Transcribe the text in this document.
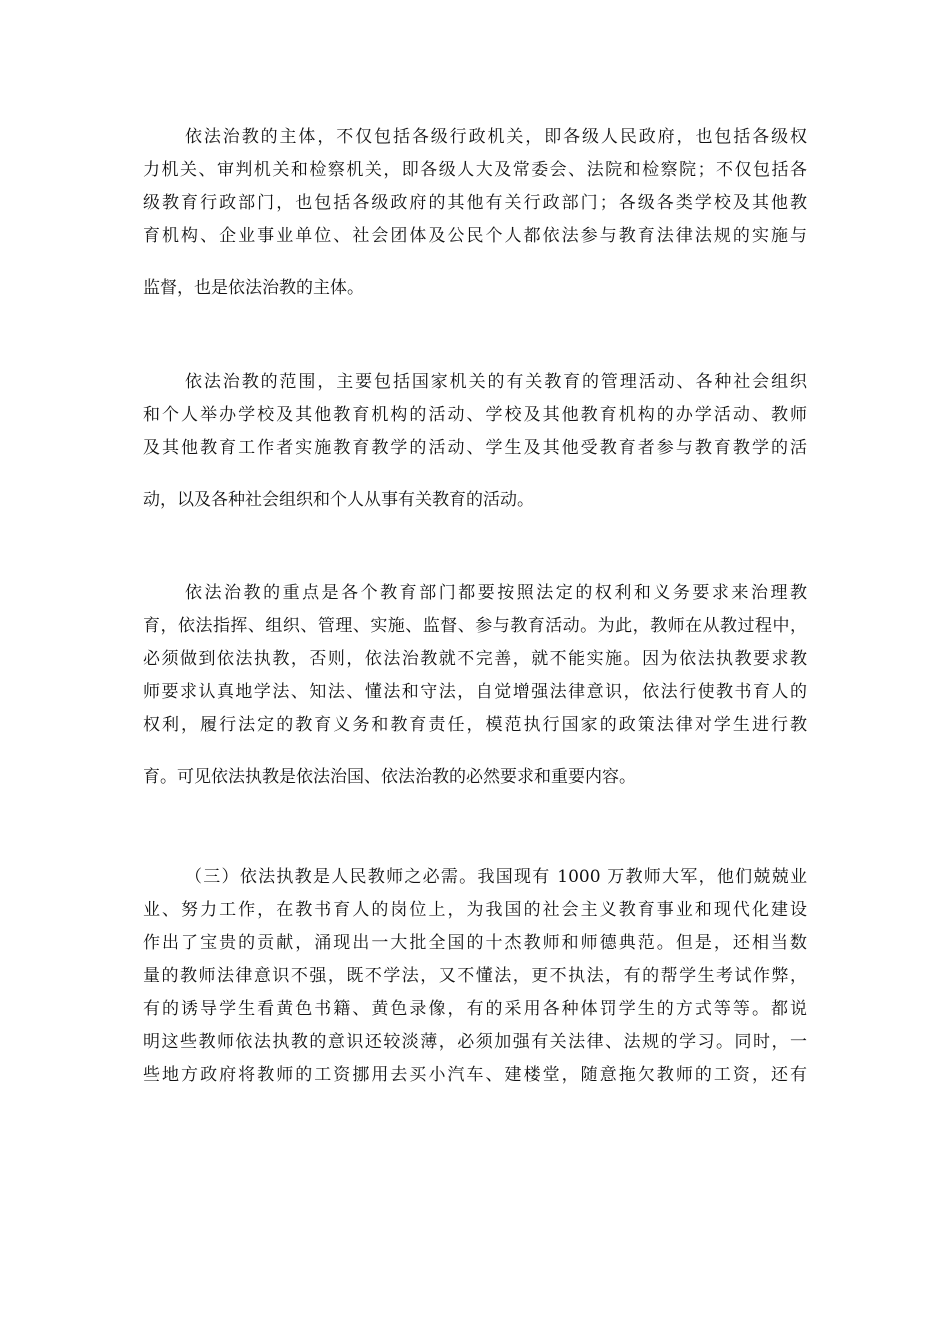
依法治教的主体，不仅包括各级行政机关，即各级人民政府，也包括各级权
力机关、审判机关和检察机关，即各级人大及常委会、法院和检察院；不仅包括各
级教育行政部门，也包括各级政府的其他有关行政部门；各级各类学校及其他教
育机构、企业事业单位、社会团体及公民个人都依法参与教育法律法规的实施与
监督，也是依法治教的主体。
依法治教的范围，主要包括国家机关的有关教育的管理活动、各种社会组织
和个人举办学校及其他教育机构的活动、学校及其他教育机构的办学活动、教师
及其他教育工作者实施教育教学的活动、学生及其他受教育者参与教育教学的活
动，以及各种社会组织和个人从事有关教育的活动。
依法治教的重点是各个教育部门都要按照法定的权利和义务要求来治理教
育，依法指挥、组织、管理、实施、监督、参与教育活动。为此，教师在从教过程中，
必须做到依法执教，否则，依法治教就不完善，就不能实施。因为依法执教要求教
师要求认真地学法、知法、懂法和守法，自觉增强法律意识，依法行使教书育人的
权利，履行法定的教育义务和教育责任，模范执行国家的政策法律对学生进行教
育。可见依法执教是依法治国、依法治教的必然要求和重要内容。
（三）依法执教是人民教师之必需。我国现有 1000 万教师大军，他们兢兢业
业、努力工作，在教书育人的岗位上，为我国的社会主义教育事业和现代化建设
作出了宝贵的贡献，涌现出一大批全国的十杰教师和师德典范。但是，还相当数
量的教师法律意识不强，既不学法，又不懂法，更不执法，有的帮学生考试作弊，
有的诱导学生看黄色书籍、黄色录像，有的采用各种体罚学生的方式等等。都说
明这些教师依法执教的意识还较淡薄，必须加强有关法律、法规的学习。同时，一
些地方政府将教师的工资挪用去买小汽车、建楼堂，随意拖欠教师的工资，还有
